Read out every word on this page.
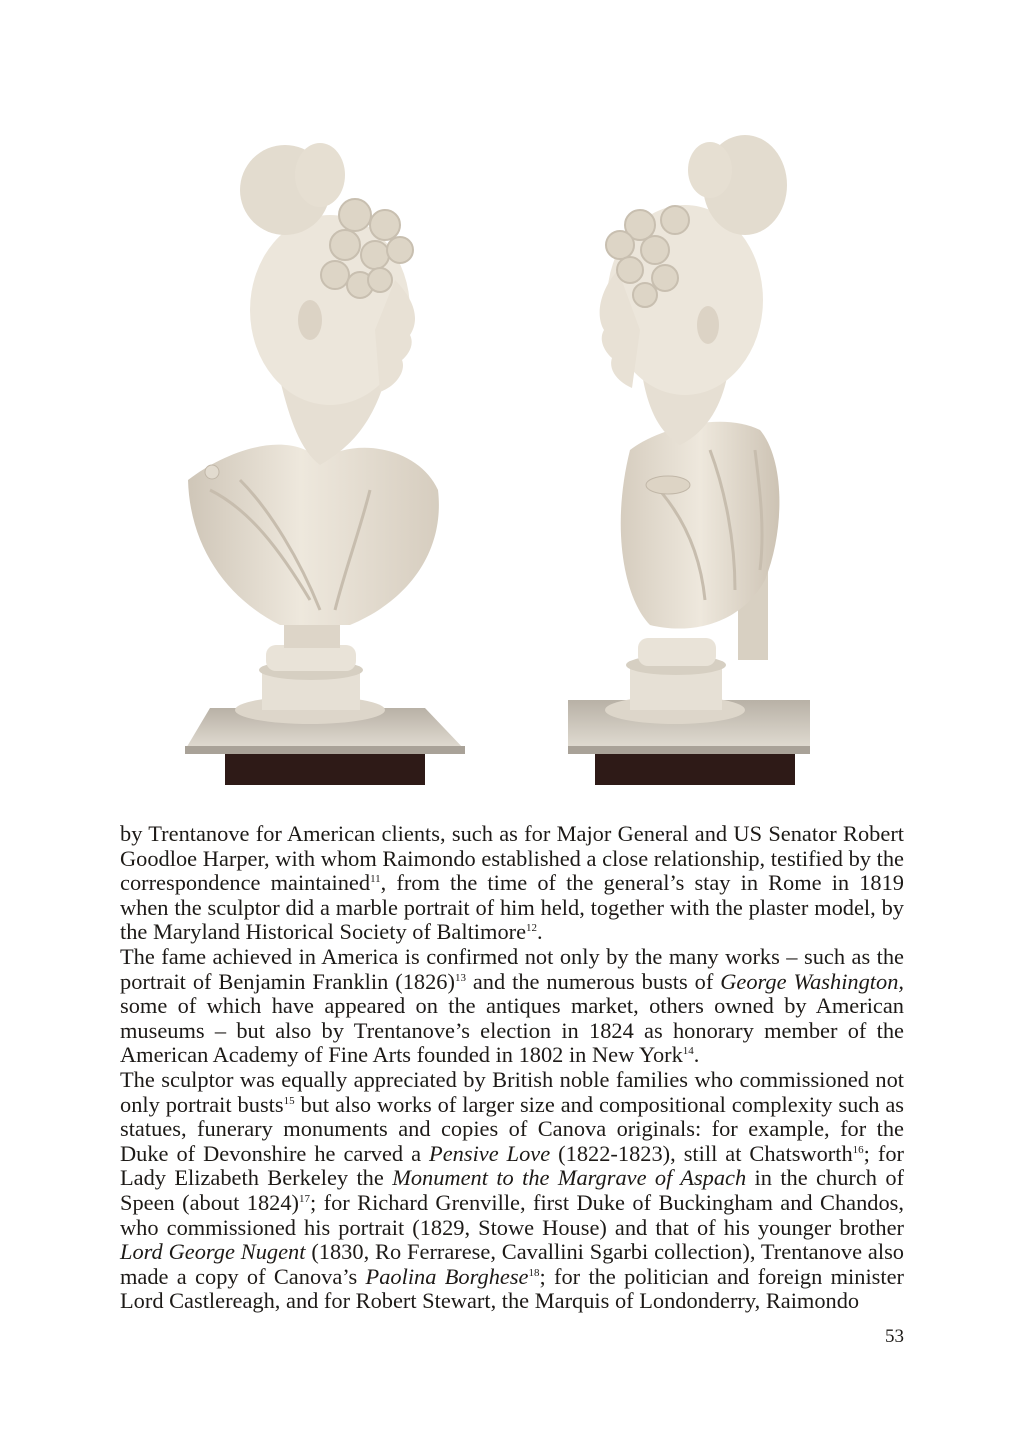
by Trentanove for American clients, such as for Major General and US Senator Robert Goodloe Harper, with whom Raimondo established a close relationship, testified by the correspondence maintained$^{11}$, from the time of the general’s stay in Rome in 1819 when the sculptor did a marble portrait of him held, together with the plaster model, by the Maryland Historical Society of Baltimore$^{12}$.

The fame achieved in America is confirmed not only by the many works – such as the portrait of Benjamin Franklin $(1826)^{13}$ and the numerous busts of George Washington, some of which have appeared on the antiques market, others owned by American museums – but also by Trentanove’s election in 1824 as honorary member of the American Academy of Fine Arts founded in 1802 in New York$^{14}$.

The sculptor was equally appreciated by British noble families who commissioned not only portrait busts$^{15}$ but also works of larger size and compositional complexity such as statues, funerary monuments and copies of Canova originals: for example, for the Duke of Devonshire he carved a Pensive Love (1822-1823), still at Chatsworth$^{16}$; for Lady Elizabeth Berkeley the Monument to the Margrave of Aspach in the church of Speen (about 1824)$^{17}$; for Richard Grenville, first Duke of Buckingham and Chandos, who commissioned his portrait (1829, Stowe House) and that of his younger brother Lord George Nugent (1830, Ro Ferrarese, Cavallini Sgarbi collection), Trentanove also made a copy of Canova’s Paolina Borghese$^{18}$; for the politician and foreign minister Lord Castlereagh, and for Robert Stewart, the Marquis of Londonderry, Raimondo

53
